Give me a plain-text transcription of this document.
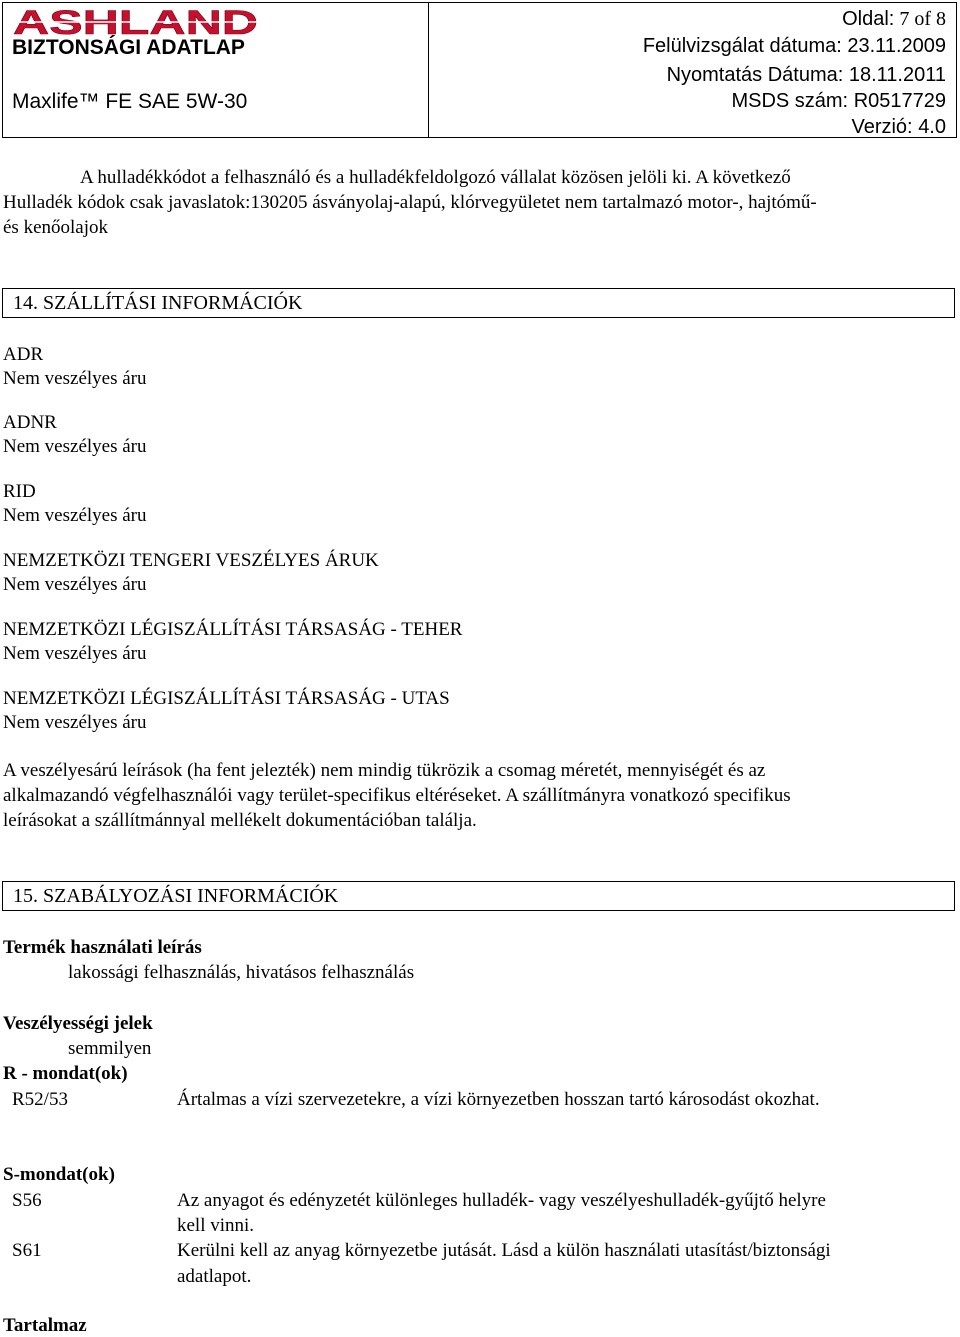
ASHLAND
BIZTONSÁGI ADATLAP
Maxlife™ FE SAE 5W-30
Oldal: 7 of 8
Felülvizsgálat dátuma: 23.11.2009
Nyomtatás Dátuma: 18.11.2011
MSDS szám: R0517729
Verzió: 4.0
A hulladékkódot a felhasználó és a hulladékfeldolgozó vállalat közösen jelöli ki. A következő
Hulladék kódok csak javaslatok:130205 ásványolaj-alapú, klórvegyületet nem tartalmazó motor-, hajtómű-
és kenőolajok
14. SZÁLLÍTÁSI INFORMÁCIÓK
ADR
Nem veszélyes áru
ADNR
Nem veszélyes áru
RID
Nem veszélyes áru
NEMZETKÖZI TENGERI VESZÉLYES ÁRUK
Nem veszélyes áru
NEMZETKÖZI LÉGISZÁLLÍTÁSI TÁRSASÁG - TEHER
Nem veszélyes áru
NEMZETKÖZI LÉGISZÁLLÍTÁSI TÁRSASÁG - UTAS
Nem veszélyes áru
A veszélyesárú leírások (ha fent jelezték) nem mindig tükrözik a csomag méretét, mennyiségét és az
alkalmazandó végfelhasználói vagy terület-specifikus eltéréseket. A szállítmányra vonatkozó specifikus
leírásokat a szállítmánnyal mellékelt dokumentációban találja.
15. SZABÁLYOZÁSI INFORMÁCIÓK
Termék használati leírás
lakossági felhasználás, hivatásos felhasználás
Veszélyességi jelek
semmilyen
R - mondat(ok)
R52/53	Ártalmas a vízi szervezetekre, a vízi környezetben hosszan tartó károsodást okozhat.
S-mondat(ok)
S56	Az anyagot és edényzetét különleges hulladék- vagy veszélyeshulladék-gyűjtő helyre
kell vinni.
S61	Kerülni kell az anyag környezetbe jutását. Lásd a külön használati utasítást/biztonsági
adatlapot.
Tartalmaz
